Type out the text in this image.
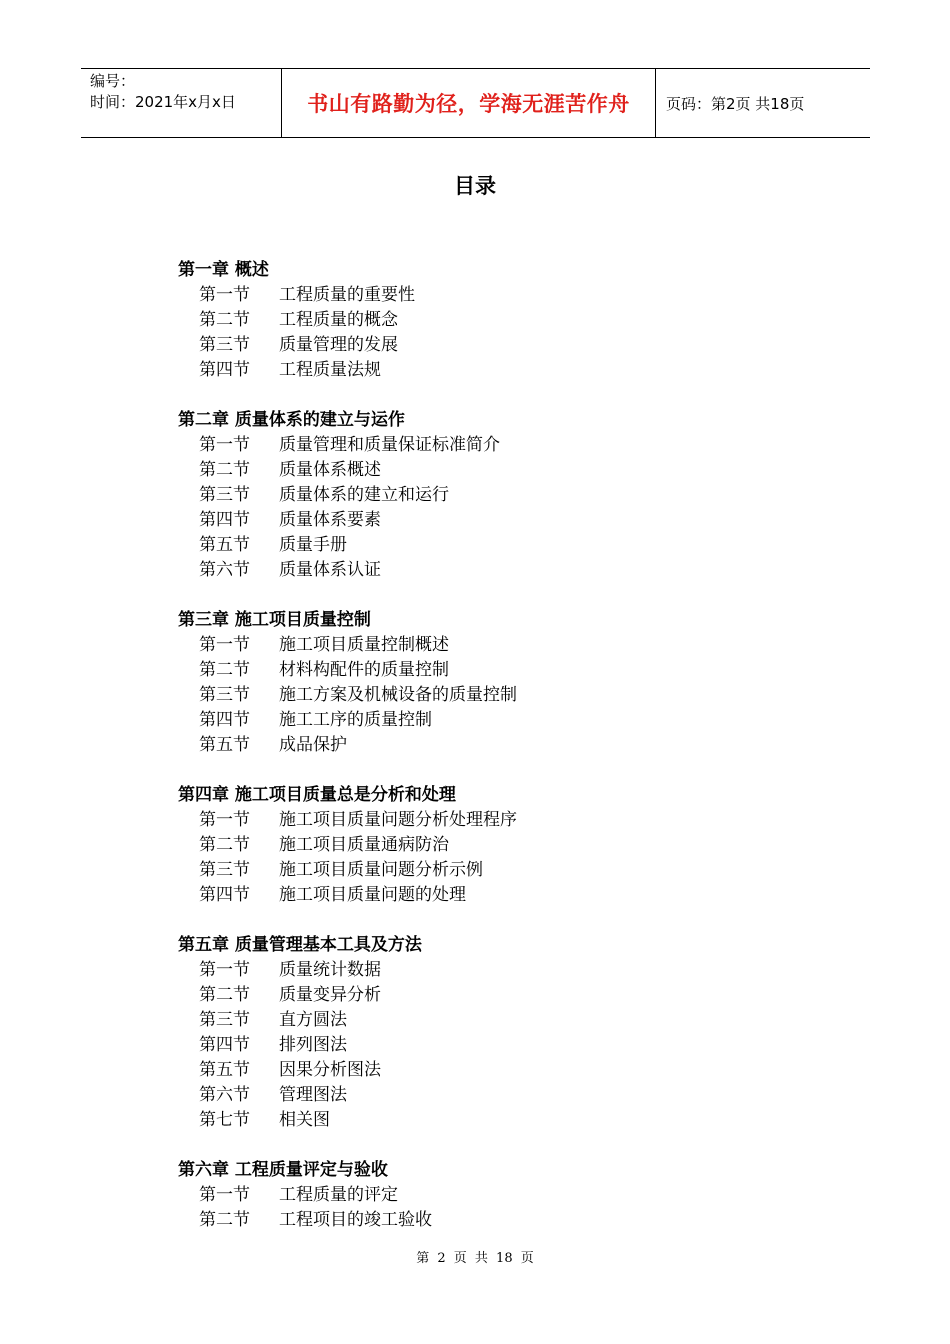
编号：
时间：2021年x月x日	书山有路勤为径，学海无涯苦作舟	页码：第2页 共18页
目录
第一章 概述
第一节	工程质量的重要性
第二节	工程质量的概念
第三节	质量管理的发展
第四节	工程质量法规
第二章 质量体系的建立与运作
第一节	质量管理和质量保证标准简介
第二节	质量体系概述
第三节	质量体系的建立和运行
第四节	质量体系要素
第五节	质量手册
第六节	质量体系认证
第三章 施工项目质量控制
第一节	施工项目质量控制概述
第二节	材料构配件的质量控制
第三节	施工方案及机械设备的质量控制
第四节	施工工序的质量控制
第五节	成品保护
第四章 施工项目质量总是分析和处理
第一节	施工项目质量问题分析处理程序
第二节	施工项目质量通病防治
第三节	施工项目质量问题分析示例
第四节	施工项目质量问题的处理
第五章 质量管理基本工具及方法
第一节	质量统计数据
第二节	质量变异分析
第三节	直方圆法
第四节	排列图法
第五节	因果分析图法
第六节	管理图法
第七节	相关图
第六章 工程质量评定与验收
第一节	工程质量的评定
第二节	工程项目的竣工验收
第 2 页 共 18 页
